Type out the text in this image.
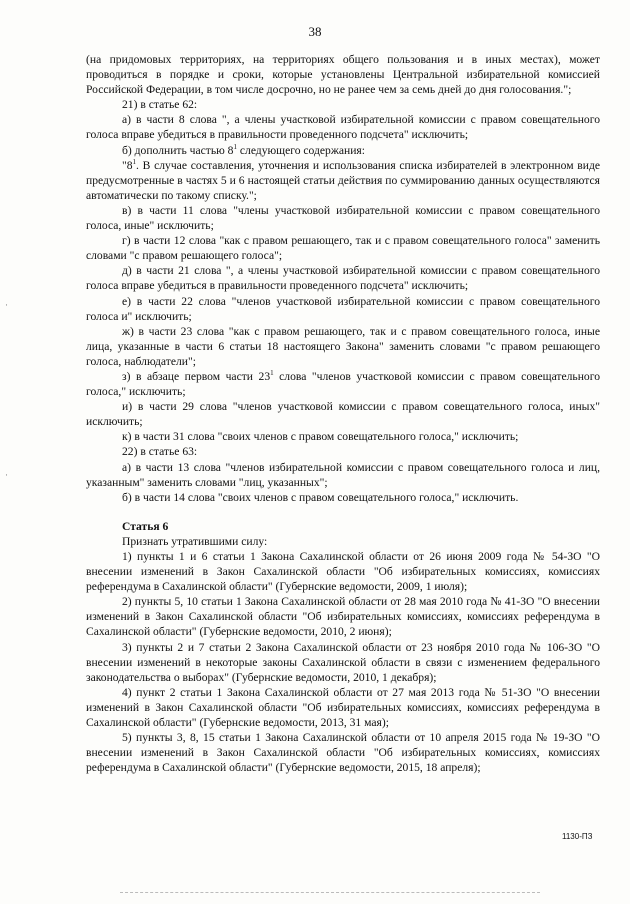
38

(на придомовых территориях, на территориях общего пользования и в иных местах), может проводиться в порядке и сроки, которые установлены Центральной избирательной комиссией Российской Федерации, в том числе досрочно, но не ранее чем за семь дней до дня голосования.";

21) в статье 62:

а) в части 8 слова ", а члены участковой избирательной комиссии с правом совещательного голоса вправе убедиться в правильности проведенного подсчета" исключить;

б) дополнить частью $8^1$ следующего содержания:

"$8^1$. В случае составления, уточнения и использования списка избирателей в электронном виде предусмотренные в частях 5 и 6 настоящей статьи действия по суммированию данных осуществляются автоматически по такому списку.";

в) в части 11 слова "члены участковой избирательной комиссии с правом совещательного голоса, иные" исключить;

г) в части 12 слова "как с правом решающего, так и с правом совещательного голоса" заменить словами "с правом решающего голоса";

д) в части 21 слова ", а члены участковой избирательной комиссии с правом совещательного голоса вправе убедиться в правильности проведенного подсчета" исключить;

е) в части 22 слова "членов участковой избирательной комиссии с правом совещательного голоса и" исключить;

ж) в части 23 слова "как с правом решающего, так и с правом совещательного голоса, иные лица, указанные в части 6 статьи 18 настоящего Закона" заменить словами "с правом решающего голоса, наблюдатели";

з) в абзаце первом части $23^1$ слова "членов участковой комиссии с правом совещательного голоса," исключить;

и) в части 29 слова "членов участковой комиссии с правом совещательного голоса, иных" исключить;

к) в части 31 слова "своих членов с правом совещательного голоса," исключить;

22) в статье 63:

а) в части 13 слова "членов избирательной комиссии с правом совещательного голоса и лиц, указанным" заменить словами "лиц, указанных";

б) в части 14 слова "своих членов с правом совещательного голоса," исключить.

Статья 6

Признать утратившими силу:

1) пункты 1 и 6 статьи 1 Закона Сахалинской области от 26 июня 2009 года № 54-ЗО "О внесении изменений в Закон Сахалинской области "Об избирательных комиссиях, комиссиях референдума в Сахалинской области" (Губернские ведомости, 2009, 1 июля);

2) пункты 5, 10 статьи 1 Закона Сахалинской области от 28 мая 2010 года № 41-ЗО "О внесении изменений в Закон Сахалинской области "Об избирательных комиссиях, комиссиях референдума в Сахалинской области" (Губернские ведомости, 2010, 2 июня);

3) пункты 2 и 7 статьи 2 Закона Сахалинской области от 23 ноября 2010 года № 106-ЗО "О внесении изменений в некоторые законы Сахалинской области в связи с изменением федерального законодательства о выборах" (Губернские ведомости, 2010, 1 декабря);

4) пункт 2 статьи 1 Закона Сахалинской области от 27 мая 2013 года № 51-ЗО "О внесении изменений в Закон Сахалинской области "Об избирательных комиссиях, комиссиях референдума в Сахалинской области" (Губернские ведомости, 2013, 31 мая);

5) пункты 3, 8, 15 статьи 1 Закона Сахалинской области от 10 апреля 2015 года № 19-ЗО "О внесении изменений в Закон Сахалинской области "Об избирательных комиссиях, комиссиях референдума в Сахалинской области" (Губернские ведомости, 2015, 18 апреля);

1130-ПЗ
·
·
